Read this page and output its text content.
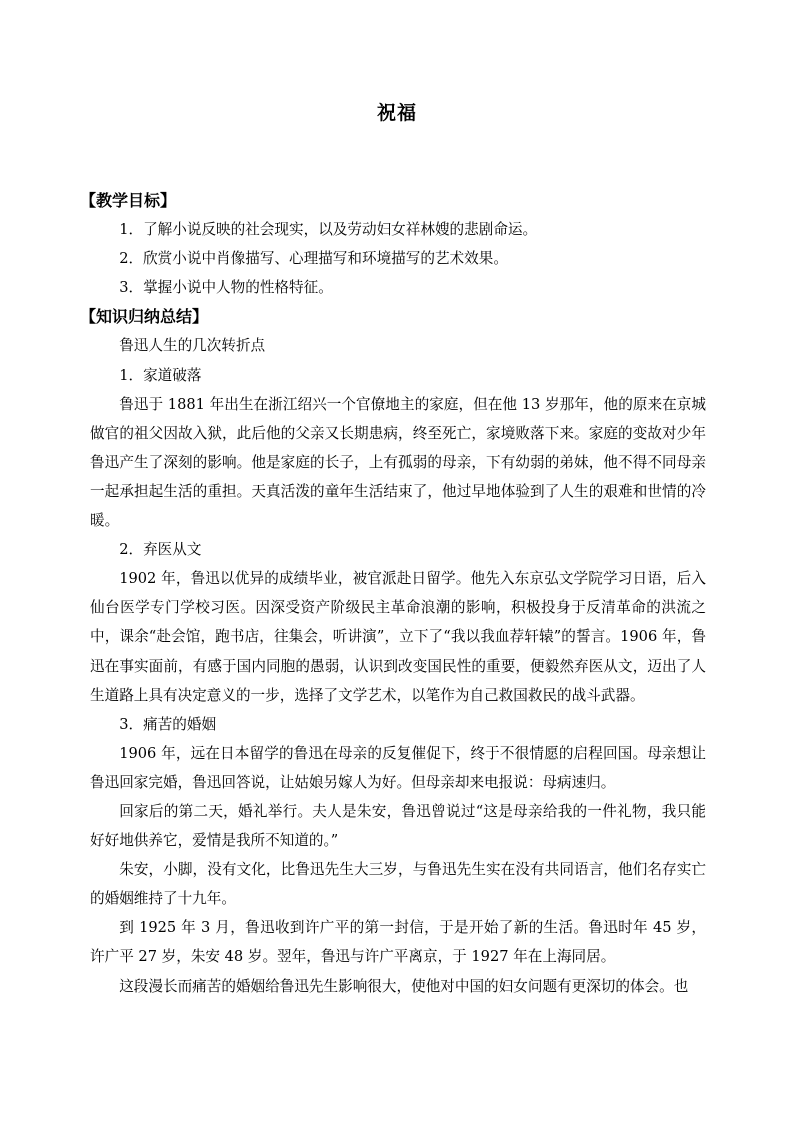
祝福

【教学目标】

1．了解小说反映的社会现实，以及劳动妇女祥林嫂的悲剧命运。

2．欣赏小说中肖像描写、心理描写和环境描写的艺术效果。

3．掌握小说中人物的性格特征。

【知识归纳总结】

鲁迅人生的几次转折点

1．家道破落

鲁迅于 1881 年出生在浙江绍兴一个官僚地主的家庭，但在他 13 岁那年，他的原来在京城做官的祖父因故入狱，此后他的父亲又长期患病，终至死亡，家境败落下来。家庭的变故对少年鲁迅产生了深刻的影响。他是家庭的长子，上有孤弱的母亲，下有幼弱的弟妹，他不得不同母亲一起承担起生活的重担。天真活泼的童年生活结束了，他过早地体验到了人生的艰难和世情的冷暖。

2．弃医从文

1902 年，鲁迅以优异的成绩毕业，被官派赴日留学。他先入东京弘文学院学习日语，后入仙台医学专门学校习医。因深受资产阶级民主革命浪潮的影响，积极投身于反清革命的洪流之中，课余“赴会馆，跑书店，往集会，听讲演”，立下了“我以我血荐轩辕”的誓言。1906 年，鲁迅在事实面前，有感于国内同胞的愚弱，认识到改变国民性的重要，便毅然弃医从文，迈出了人生道路上具有决定意义的一步，选择了文学艺术，以笔作为自己救国救民的战斗武器。

3．痛苦的婚姻

1906 年，远在日本留学的鲁迅在母亲的反复催促下，终于不很情愿的启程回国。母亲想让鲁迅回家完婚，鲁迅回答说，让姑娘另嫁人为好。但母亲却来电报说：母病速归。

回家后的第二天，婚礼举行。夫人是朱安，鲁迅曾说过“这是母亲给我的一件礼物，我只能好好地供养它，爱情是我所不知道的。”

朱安，小脚，没有文化，比鲁迅先生大三岁，与鲁迅先生实在没有共同语言，他们名存实亡的婚姻维持了十九年。

到 1925 年 3 月，鲁迅收到许广平的第一封信，于是开始了新的生活。鲁迅时年 45 岁，许广平 27 岁，朱安 48 岁。翌年，鲁迅与许广平离京，于 1927 年在上海同居。

这段漫长而痛苦的婚姻给鲁迅先生影响很大，使他对中国的妇女问题有更深切的体会。也
